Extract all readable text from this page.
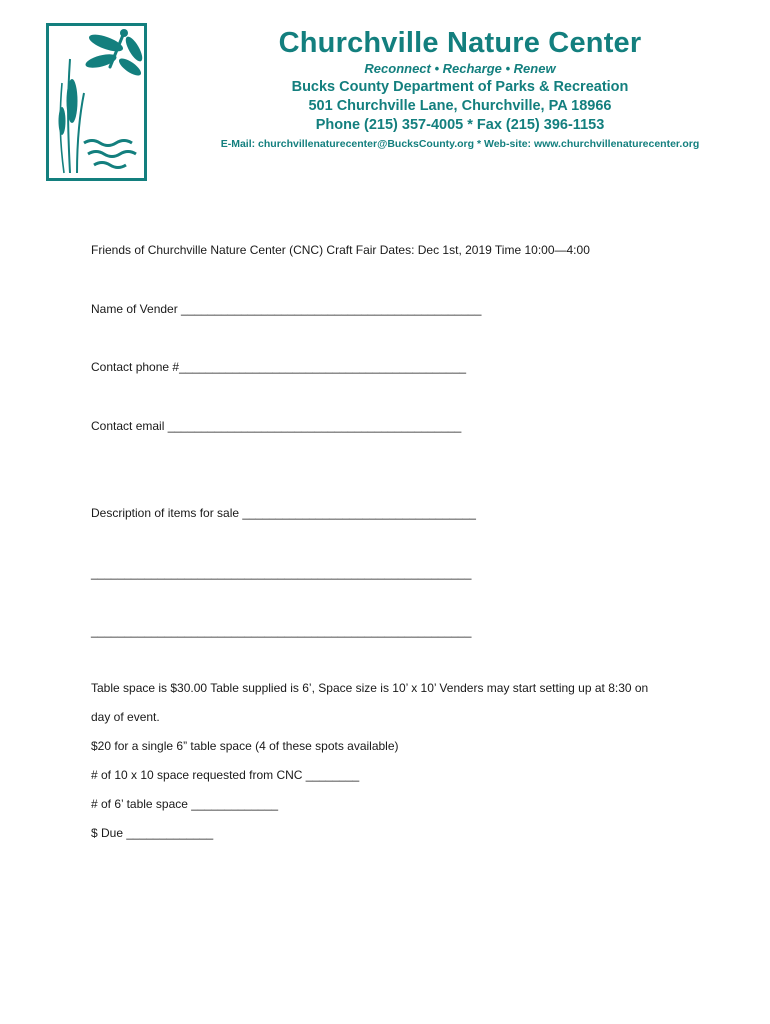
Churchville Nature Center
Reconnect • Recharge • Renew
Bucks County Department of Parks & Recreation
501 Churchville Lane, Churchville, PA 18966
Phone (215) 357-4005 * Fax (215) 396-1153
E-Mail: churchvillenaturecenter@BucksCounty.org * Web-site: www.churchvillenaturecenter.org
Friends of Churchville Nature Center (CNC) Craft Fair Dates: Dec 1st, 2019 Time 10:00—4:00
Name of Vender _____________________________________________
Contact phone #___________________________________________
Contact email ____________________________________________
Description of items for sale ___________________________________
_________________________________________________________
_________________________________________________________
Table space is $30.00 Table supplied is 6’, Space size is 10’ x 10’ Venders may start setting up at 8:30 on
day of event.
$20 for a single 6” table space (4 of these spots available)
# of 10 x 10 space requested from CNC ________
# of 6’ table space _____________
$ Due _____________
